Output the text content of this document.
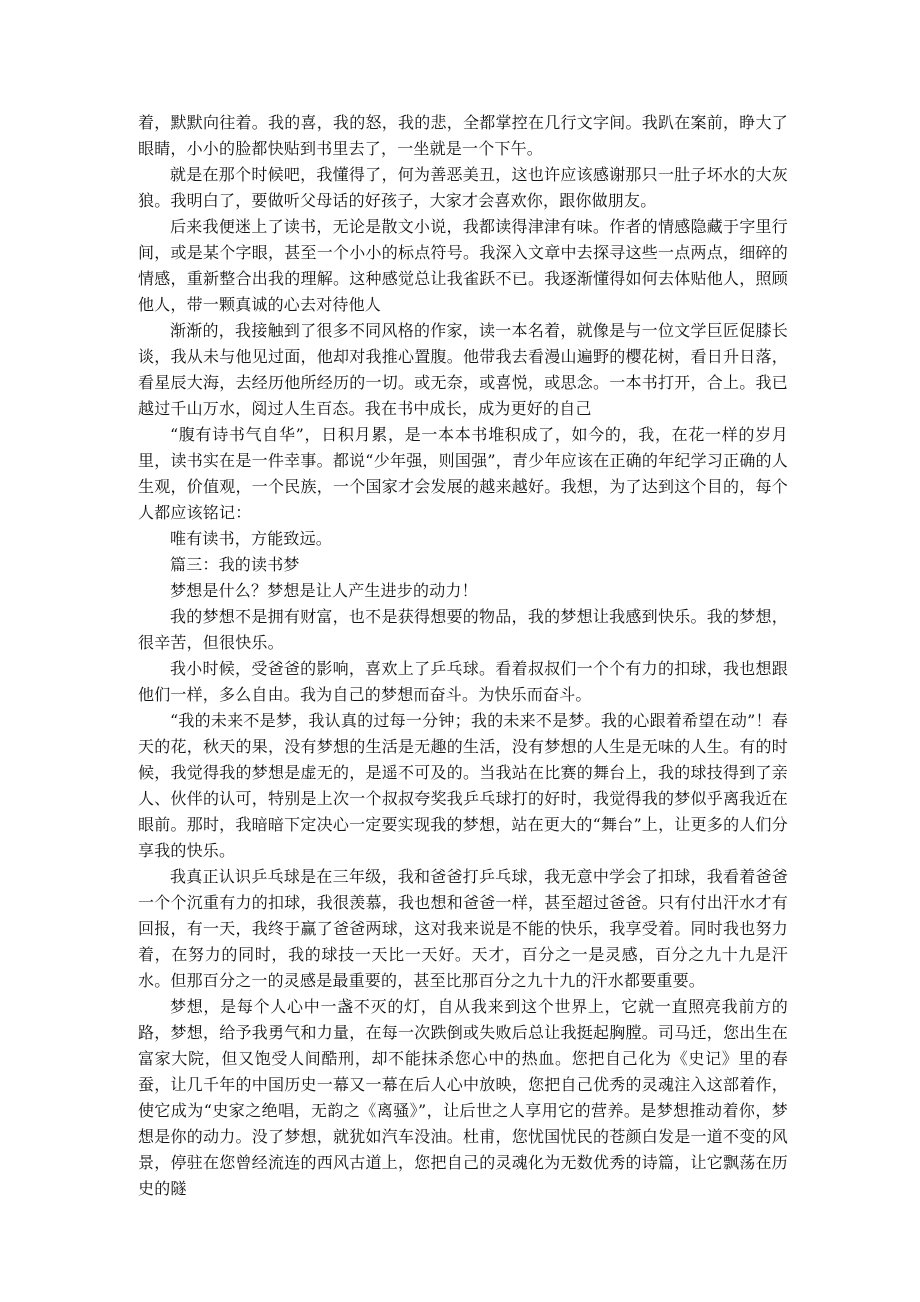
着，默默向往着。我的喜，我的怒，我的悲，全都掌控在几行文字间。我趴在案前，睁大了眼睛，小小的脸都快贴到书里去了，一坐就是一个下午。

就是在那个时候吧，我懂得了，何为善恶美丑，这也许应该感谢那只一肚子坏水的大灰狼。我明白了，要做听父母话的好孩子，大家才会喜欢你，跟你做朋友。

后来我便迷上了读书，无论是散文小说，我都读得津津有味。作者的情感隐藏于字里行间，或是某个字眼，甚至一个小小的标点符号。我深入文章中去探寻这些一点两点，细碎的情感，重新整合出我的理解。这种感觉总让我雀跃不已。我逐渐懂得如何去体贴他人，照顾他人，带一颗真诚的心去对待他人

渐渐的，我接触到了很多不同风格的作家，读一本名着，就像是与一位文学巨匠促膝长谈，我从未与他见过面，他却对我推心置腹。他带我去看漫山遍野的樱花树，看日升日落，看星辰大海，去经历他所经历的一切。或无奈，或喜悦，或思念。一本书打开，合上。我已越过千山万水，阅过人生百态。我在书中成长，成为更好的自己

“腹有诗书气自华”，日积月累，是一本本书堆积成了，如今的，我，在花一样的岁月里，读书实在是一件幸事。都说“少年强，则国强”，青少年应该在正确的年纪学习正确的人生观，价值观，一个民族，一个国家才会发展的越来越好。我想，为了达到这个目的，每个人都应该铭记：

唯有读书，方能致远。

篇三：我的读书梦

梦想是什么？梦想是让人产生进步的动力！

我的梦想不是拥有财富，也不是获得想要的物品，我的梦想让我感到快乐。我的梦想，很辛苦，但很快乐。

我小时候，受爸爸的影响，喜欢上了乒乓球。看着叔叔们一个个有力的扣球，我也想跟他们一样，多么自由。我为自己的梦想而奋斗。为快乐而奋斗。

“我的未来不是梦，我认真的过每一分钟；我的未来不是梦。我的心跟着希望在动”！春天的花，秋天的果，没有梦想的生活是无趣的生活，没有梦想的人生是无味的人生。有的时候，我觉得我的梦想是虚无的，是遥不可及的。当我站在比赛的舞台上，我的球技得到了亲人、伙伴的认可，特别是上次一个叔叔夸奖我乒乓球打的好时，我觉得我的梦似乎离我近在眼前。那时，我暗暗下定决心一定要实现我的梦想，站在更大的“舞台”上，让更多的人们分享我的快乐。

我真正认识乒乓球是在三年级，我和爸爸打乒乓球，我无意中学会了扣球，我看着爸爸一个个沉重有力的扣球，我很羡慕，我也想和爸爸一样，甚至超过爸爸。只有付出汗水才有回报，有一天，我终于赢了爸爸两球，这对我来说是不能的快乐，我享受着。同时我也努力着，在努力的同时，我的球技一天比一天好。天才，百分之一是灵感，百分之九十九是汗水。但那百分之一的灵感是最重要的，甚至比那百分之九十九的汗水都要重要。

梦想，是每个人心中一盏不灭的灯，自从我来到这个世界上，它就一直照亮我前方的路，梦想，给予我勇气和力量，在每一次跌倒或失败后总让我挺起胸膛。司马迁，您出生在富家大院，但又饱受人间酷刑，却不能抹杀您心中的热血。您把自己化为《史记》里的春蚕，让几千年的中国历史一幕又一幕在后人心中放映，您把自己优秀的灵魂注入这部着作，使它成为“史家之绝唱，无韵之《离骚》”，让后世之人享用它的营养。是梦想推动着你，梦想是你的动力。没了梦想，就犹如汽车没油。杜甫，您忧国忧民的苍颜白发是一道不变的风景，停驻在您曾经流连的西风古道上，您把自己的灵魂化为无数优秀的诗篇，让它飘荡在历史的隧
